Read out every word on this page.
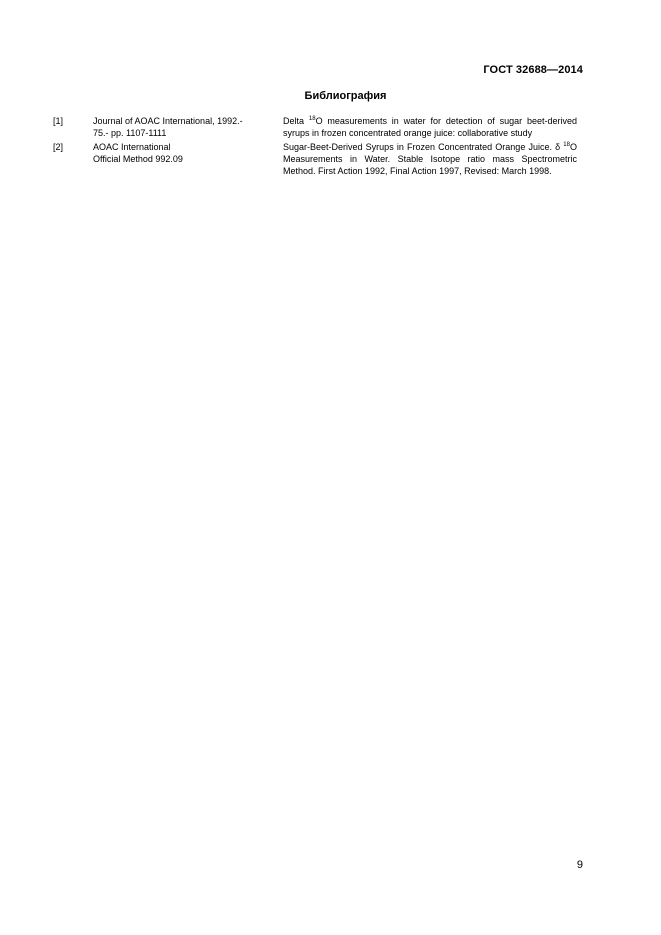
ГОСТ 32688—2014
Библиография
[1]	Journal of AOAC International, 1992.-
75.- pp. 1107-1111
Delta $^{18}$O measurements in water for detection of sugar beet-derived syrups in frozen concentrated orange juice: collaborative study
[2]	AOAC International
Official Method 992.09
Sugar-Beet-Derived Syrups in Frozen Concentrated Orange Juice. δ $^{18}$O Measurements in Water. Stable Isotope ratio mass Spectrometric Method. First Action 1992, Final Action 1997, Revised: March 1998.
9
